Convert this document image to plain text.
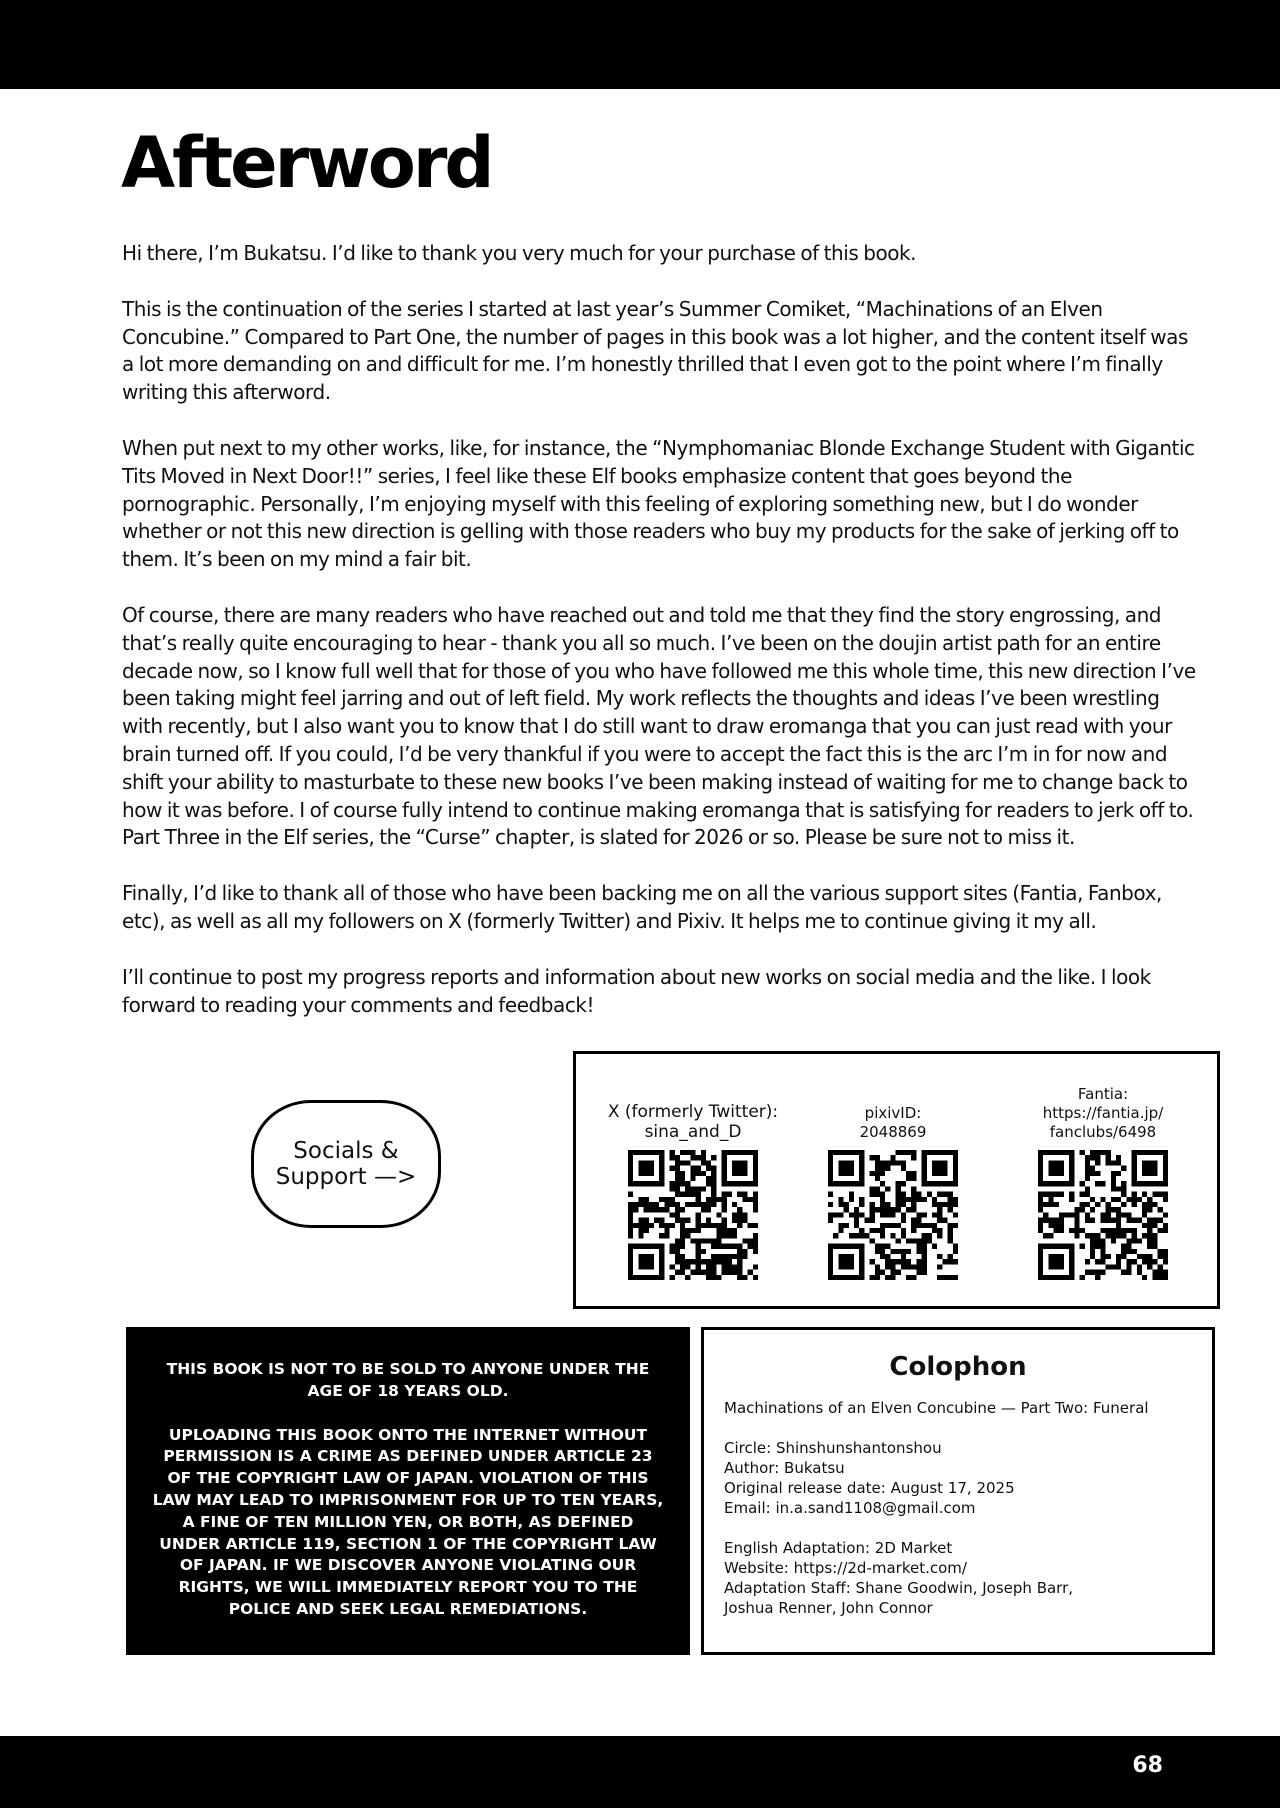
Afterword

Hi there, I’m Bukatsu. I’d like to thank you very much for your purchase of this book.

This is the continuation of the series I started at last year’s Summer Comiket, “Machinations of an Elven Concubine.” Compared to Part One, the number of pages in this book was a lot higher, and the content itself was a lot more demanding on and difficult for me. I’m honestly thrilled that I even got to the point where I’m finally writing this afterword.

When put next to my other works, like, for instance, the “Nymphomaniac Blonde Exchange Student with Gigantic Tits Moved in Next Door!!” series, I feel like these Elf books emphasize content that goes beyond the pornographic. Personally, I’m enjoying myself with this feeling of exploring something new, but I do wonder whether or not this new direction is gelling with those readers who buy my products for the sake of jerking off to them. It’s been on my mind a fair bit.

Of course, there are many readers who have reached out and told me that they find the story engrossing, and that’s really quite encouraging to hear - thank you all so much. I’ve been on the doujin artist path for an entire decade now, so I know full well that for those of you who have followed me this whole time, this new direction I’ve been taking might feel jarring and out of left field. My work reflects the thoughts and ideas I’ve been wrestling with recently, but I also want you to know that I do still want to draw eromanga that you can just read with your brain turned off. If you could, I’d be very thankful if you were to accept the fact this is the arc I’m in for now and shift your ability to masturbate to these new books I’ve been making instead of waiting for me to change back to how it was before. I of course fully intend to continue making eromanga that is satisfying for readers to jerk off to. Part Three in the Elf series, the “Curse” chapter, is slated for 2026 or so. Please be sure not to miss it.

Finally, I’d like to thank all of those who have been backing me on all the various support sites (Fantia, Fanbox, etc), as well as all my followers on X (formerly Twitter) and Pixiv. It helps me to continue giving it my all.

I’ll continue to post my progress reports and information about new works on social media and the like. I look forward to reading your comments and feedback!

Socials &
Support —>
X (formerly Twitter):
sina_and_D
pixivID:
2048869
Fantia:
https://fantia.jp/
fanclubs/6498

THIS BOOK IS NOT TO BE SOLD TO ANYONE UNDER THE AGE OF 18 YEARS OLD.

UPLOADING THIS BOOK ONTO THE INTERNET WITHOUT PERMISSION IS A CRIME AS DEFINED UNDER ARTICLE 23 OF THE COPYRIGHT LAW OF JAPAN. VIOLATION OF THIS LAW MAY LEAD TO IMPRISONMENT FOR UP TO TEN YEARS, A FINE OF TEN MILLION YEN, OR BOTH, AS DEFINED UNDER ARTICLE 119, SECTION 1 OF THE COPYRIGHT LAW OF JAPAN. IF WE DISCOVER ANYONE VIOLATING OUR RIGHTS, WE WILL IMMEDIATELY REPORT YOU TO THE POLICE AND SEEK LEGAL REMEDIATIONS.

Colophon
Machinations of an Elven Concubine — Part Two: Funeral
Circle: Shinshunshantonshou
Author: Bukatsu
Original release date: August 17, 2025
Email: in.a.sand1108@gmail.com
English Adaptation: 2D Market
Website: https://2d-market.com/
Adaptation Staff: Shane Goodwin, Joseph Barr,
Joshua Renner, John Connor
68
